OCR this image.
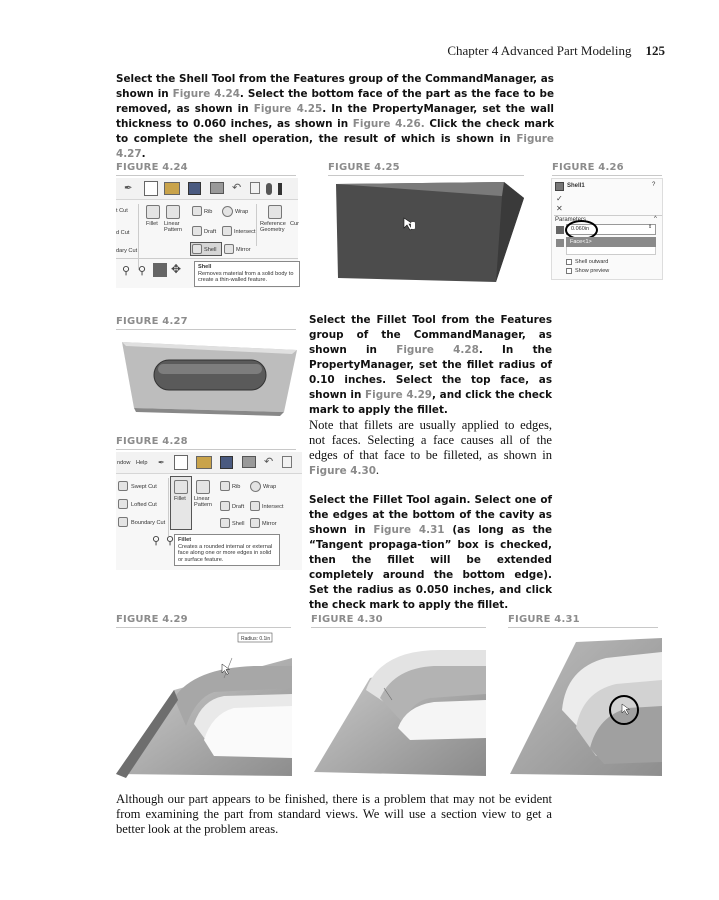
Chapter 4 Advanced Part Modeling 125

Select the Shell Tool from the Features group of the CommandManager, as shown in Figure 4.24. Select the bottom face of the part as the face to be removed, as shown in Figure 4.25. In the PropertyManager, set the wall thickness to 0.060 inches, as shown in Figure 4.26. Click the check mark to complete the shell operation, the result of which is shown in Figure 4.27.

FIGURE 4.24
✒	↶
t Cut
d Cut
dary Cut
Fillet Linear Pattern
Rib	Wrap
Draft	Intersect
Reference Geometry
Cur
Shell	Mirror
⚲ ⚲ ✥	Shell
Removes material from a solid body to create a thin-walled feature.
FIGURE 4.25	FIGURE 4.26
Shell1	?
✓
✕
Parameters	^
0.060in	⇕
Face<1>
Shell outward
Show preview
FIGURE 4.27
FIGURE 4.28
ndow Help ✒	↶
Swept Cut
Lofted Cut
Boundary Cut
Fillet Linear Pattern
Rib	Wrap
Draft	Intersect
Shell	Mirror
⚲ ⚲ Fillet
Creates a rounded internal or external face along one or more edges in solid or surface feature.

Select the Fillet Tool from the Features group of the CommandManager, as shown in Figure 4.28. In the PropertyManager, set the fillet radius of 0.10 inches. Select the top face, as shown in Figure 4.29, and click the check mark to apply the fillet.

Note that fillets are usually applied to edges, not faces. Selecting a face causes all of the edges of that face to be filleted, as shown in Figure 4.30.

Select the Fillet Tool again. Select one of the edges at the bottom of the cavity as shown in Figure 4.31 (as long as the “Tangent propaga-tion” box is checked, then the fillet will be extended completely around the bottom edge). Set the radius as 0.050 inches, and click the check mark to apply the fillet.

FIGURE 4.29
Radius: 0.1in
FIGURE 4.30	FIGURE 4.31

Although our part appears to be finished, there is a problem that may not be evident from examining the part from standard views. We will use a section view to get a better look at the problem areas.
